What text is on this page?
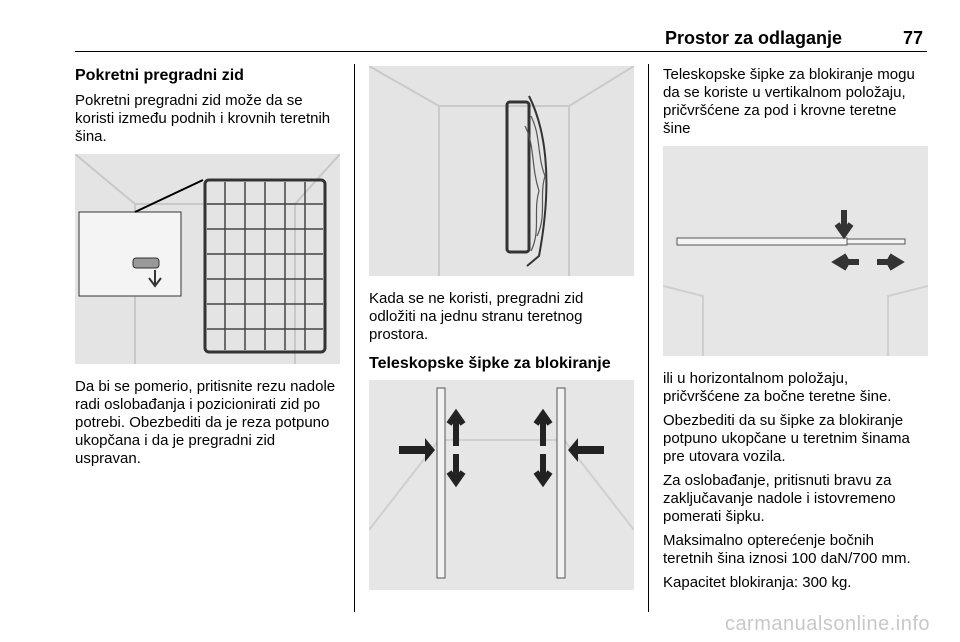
Prostor za odlaganje	77
Pokretni pregradni zid

Pokretni pregradni zid može da se koristi između podnih i krovnih teretnih šina.

Da bi se pomerio, pritisnite rezu nadole radi oslobađanja i pozicionirati zid po potrebi. Obezbediti da je reza potpuno ukopčana i da je pregradni zid uspravan.

Kada se ne koristi, pregradni zid odložiti na jednu stranu teretnog prostora.

Teleskopske šipke za blokiranje

Teleskopske šipke za blokiranje mogu da se koriste u vertikalnom položaju, pričvršćene za pod i krovne teretne šine

ili u horizontalnom položaju, pričvršćene za bočne teretne šine.

Obezbediti da su šipke za blokiranje potpuno ukopčane u teretnim šinama pre utovara vozila.

Za oslobađanje, pritisnuti bravu za zaključavanje nadole i istovremeno pomerati šipku.

Maksimalno opterećenje bočnih teretnih šina iznosi 100 daN/700 mm.

Kapacitet blokiranja: 300 kg.

carmanualsonline.info
